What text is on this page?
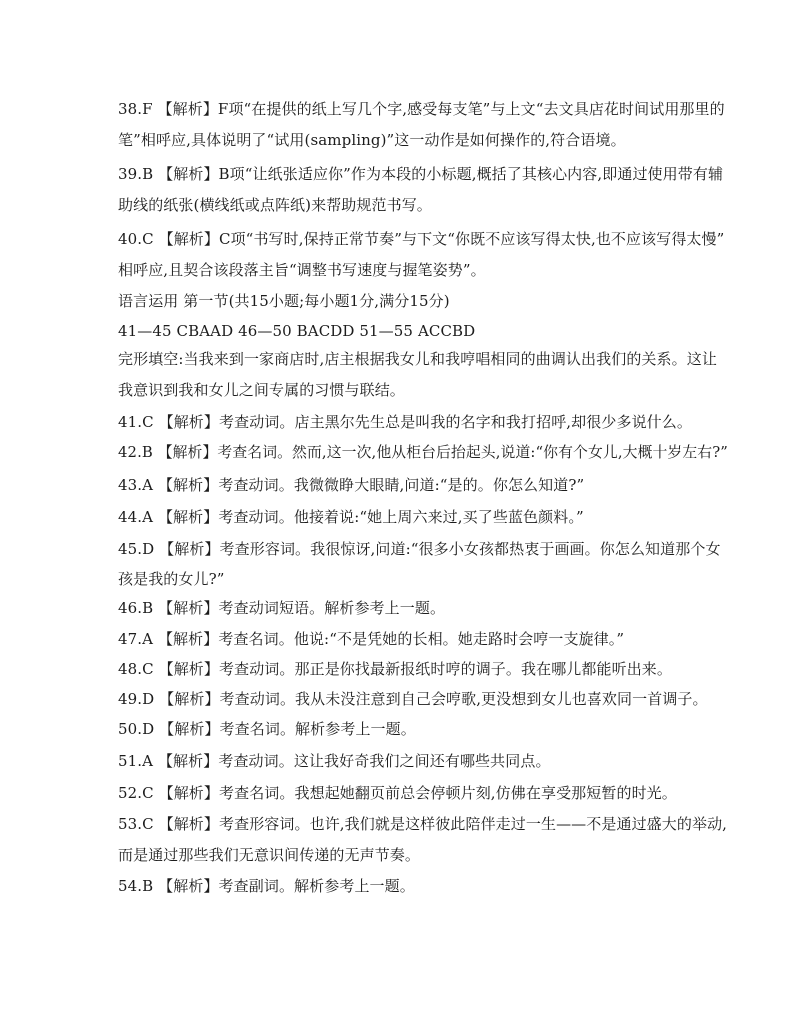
38.F 【解析】F项“在提供的纸上写几个字,感受每支笔”与上文“去文具店花时间试用那里的
笔”相呼应,具体说明了“试用(sampling)”这一动作是如何操作的,符合语境。
39.B 【解析】B项“让纸张适应你”作为本段的小标题,概括了其核心内容,即通过使用带有辅
助线的纸张(横线纸或点阵纸)来帮助规范书写。
40.C 【解析】C项“书写时,保持正常节奏”与下文“你既不应该写得太快,也不应该写得太慢”
相呼应,且契合该段落主旨“调整书写速度与握笔姿势”。
语言运用 第一节(共15小题;每小题1分,满分15分)
41—45 CBAAD 46—50 BACDD 51—55 ACCBD
完形填空:当我来到一家商店时,店主根据我女儿和我哼唱相同的曲调认出我们的关系。这让
我意识到我和女儿之间专属的习惯与联结。
41.C 【解析】考查动词。店主黑尔先生总是叫我的名字和我打招呼,却很少多说什么。
42.B 【解析】考查名词。然而,这一次,他从柜台后抬起头,说道:“你有个女儿,大概十岁左右?”
43.A 【解析】考查动词。我微微睁大眼睛,问道:“是的。你怎么知道?”
44.A 【解析】考查动词。他接着说:“她上周六来过,买了些蓝色颜料。”
45.D 【解析】考查形容词。我很惊讶,问道:“很多小女孩都热衷于画画。你怎么知道那个女
孩是我的女儿?”
46.B 【解析】考查动词短语。解析参考上一题。
47.A 【解析】考查名词。他说:“不是凭她的长相。她走路时会哼一支旋律。”
48.C 【解析】考查动词。那正是你找最新报纸时哼的调子。我在哪儿都能听出来。
49.D 【解析】考查动词。我从未没注意到自己会哼歌,更没想到女儿也喜欢同一首调子。
50.D 【解析】考查名词。解析参考上一题。
51.A 【解析】考查动词。这让我好奇我们之间还有哪些共同点。
52.C 【解析】考查名词。我想起她翻页前总会停顿片刻,仿佛在享受那短暂的时光。
53.C 【解析】考查形容词。也许,我们就是这样彼此陪伴走过一生——不是通过盛大的举动,
而是通过那些我们无意识间传递的无声节奏。
54.B 【解析】考查副词。解析参考上一题。
